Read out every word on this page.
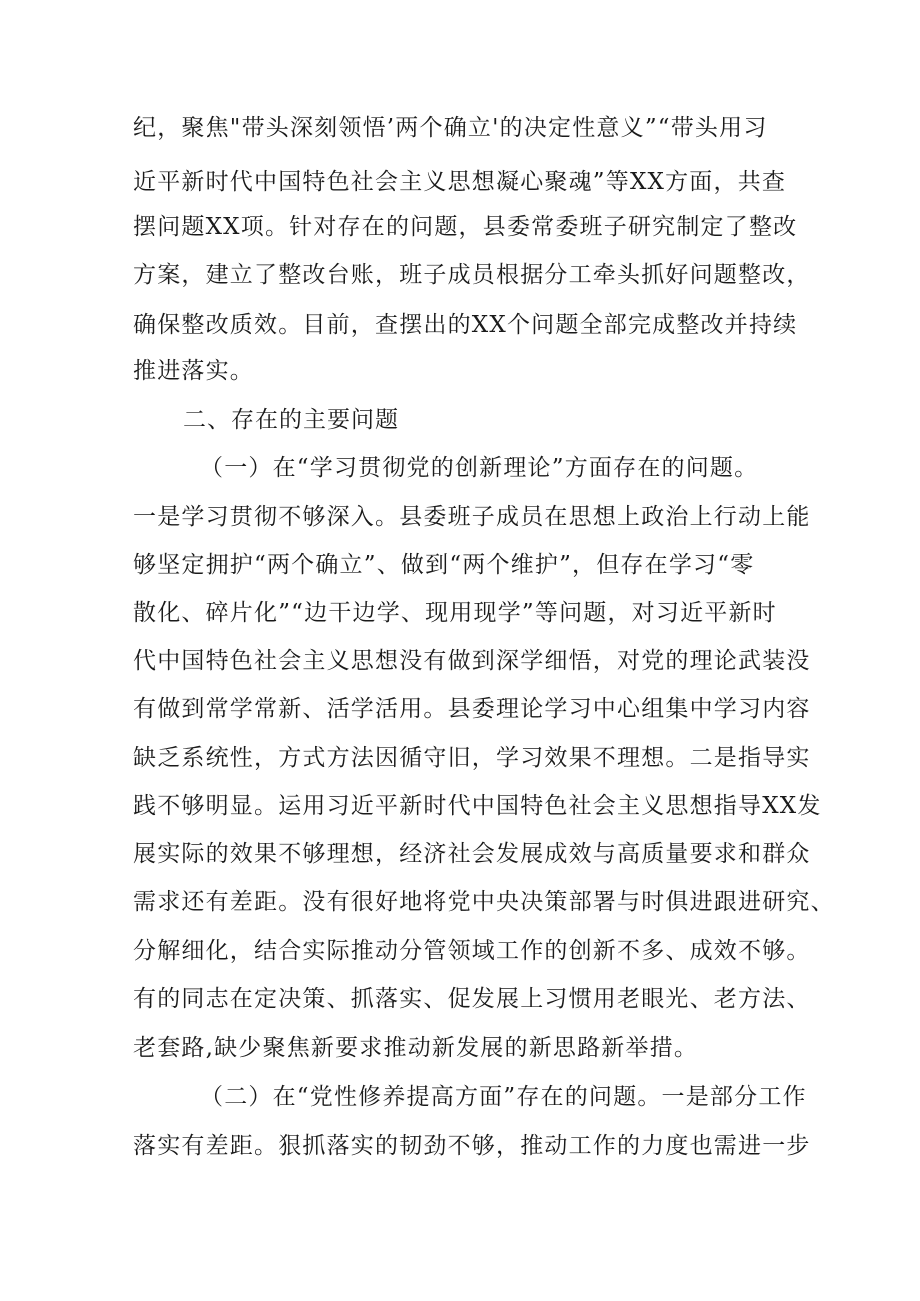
纪，聚焦"带头深刻领悟’两个确立'的决定性意义”“带头用习
近平新时代中国特色社会主义思想凝心聚魂”等XX方面，共查
摆问题XX项。针对存在的问题，县委常委班子研究制定了整改
方案，建立了整改台账，班子成员根据分工牵头抓好问题整改，
确保整改质效。目前，查摆出的XX个问题全部完成整改并持续
推进落实。
二、存在的主要问题
（一）在“学习贯彻党的创新理论”方面存在的问题。
一是学习贯彻不够深入。县委班子成员在思想上政治上行动上能
够坚定拥护“两个确立”、做到“两个维护”，但存在学习“零
散化、碎片化”“边干边学、现用现学”等问题，对习近平新时
代中国特色社会主义思想没有做到深学细悟，对党的理论武装没
有做到常学常新、活学活用。县委理论学习中心组集中学习内容
缺乏系统性，方式方法因循守旧，学习效果不理想。二是指导实
践不够明显。运用习近平新时代中国特色社会主义思想指导XX发
展实际的效果不够理想，经济社会发展成效与高质量要求和群众
需求还有差距。没有很好地将党中央决策部署与时俱进跟进研究、
分解细化，结合实际推动分管领域工作的创新不多、成效不够。
有的同志在定决策、抓落实、促发展上习惯用老眼光、老方法、
老套路,缺少聚焦新要求推动新发展的新思路新举措。
（二）在“党性修养提高方面”存在的问题。一是部分工作
落实有差距。狠抓落实的韧劲不够，推动工作的力度也需进一步
